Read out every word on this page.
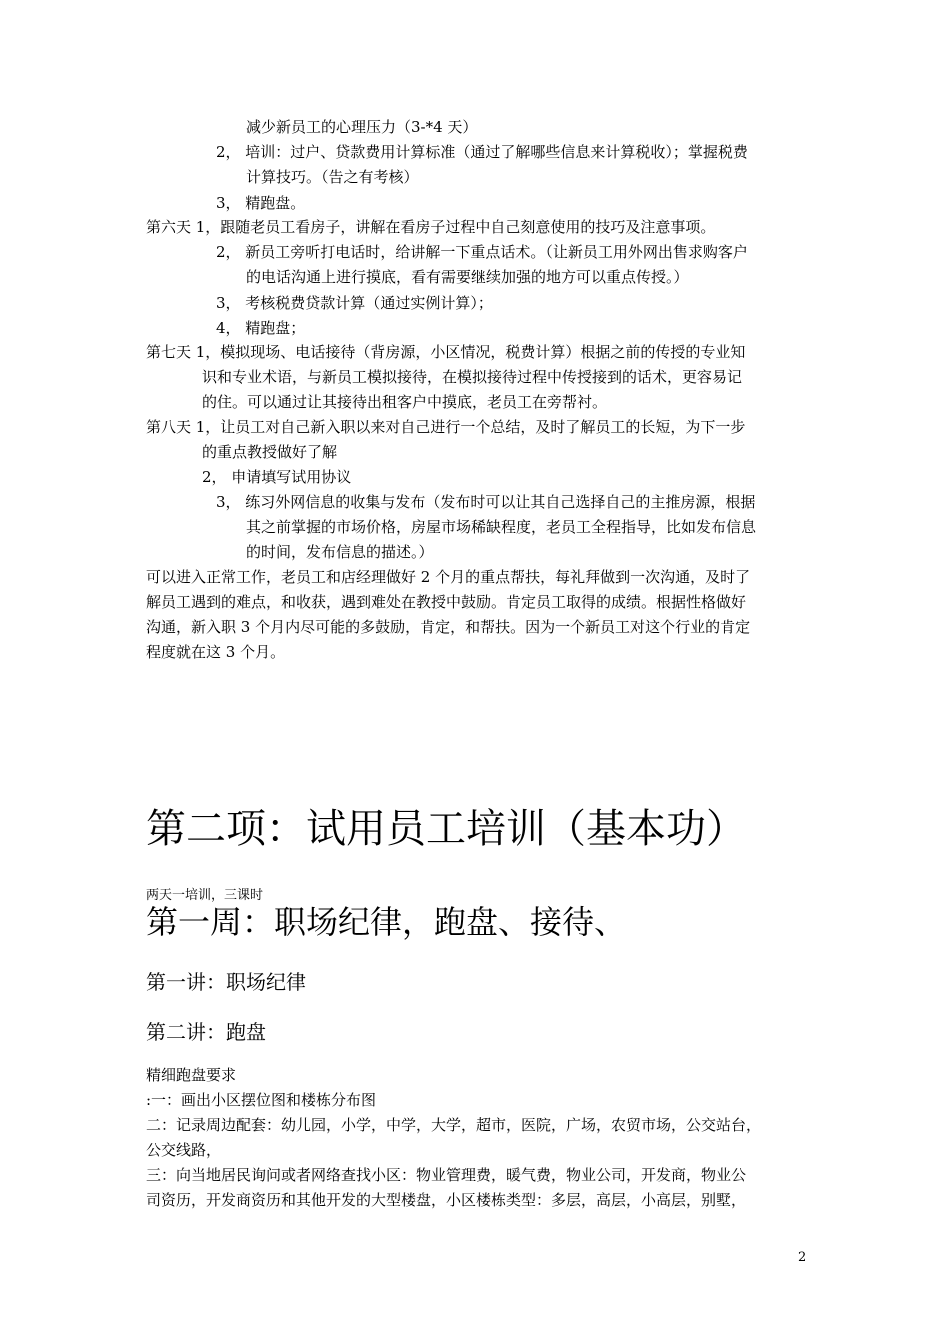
减少新员工的心理压力（3-*4 天）
2， 培训：过户、贷款费用计算标准（通过了解哪些信息来计算税收）；掌握税费
计算技巧。（告之有考核）
3， 精跑盘。
第六天 1，跟随老员工看房子，讲解在看房子过程中自己刻意使用的技巧及注意事项。
2， 新员工旁听打电话时，给讲解一下重点话术。（让新员工用外网出售求购客户
的电话沟通上进行摸底，看有需要继续加强的地方可以重点传授。）
3， 考核税费贷款计算（通过实例计算）；
4， 精跑盘；
第七天 1，模拟现场、电话接待（背房源，小区情况，税费计算）根据之前的传授的专业知
识和专业术语，与新员工模拟接待，在模拟接待过程中传授接到的话术，更容易记
的住。可以通过让其接待出租客户中摸底，老员工在旁帮衬。
第八天 1，让员工对自己新入职以来对自己进行一个总结，及时了解员工的长短，为下一步
的重点教授做好了解
2， 申请填写试用协议
3， 练习外网信息的收集与发布（发布时可以让其自己选择自己的主推房源，根据
其之前掌握的市场价格，房屋市场稀缺程度，老员工全程指导，比如发布信息
的时间，发布信息的描述。）
可以进入正常工作，老员工和店经理做好 2 个月的重点帮扶，每礼拜做到一次沟通，及时了
解员工遇到的难点，和收获，遇到难处在教授中鼓励。肯定员工取得的成绩。根据性格做好
沟通，新入职 3 个月内尽可能的多鼓励，肯定，和帮扶。因为一个新员工对这个行业的肯定
程度就在这 3 个月。
第二项：试用员工培训（基本功）
两天一培训，三课时
第一周：职场纪律，跑盘、接待、
第一讲：职场纪律
第二讲：跑盘
精细跑盘要求
:一：画出小区摆位图和楼栋分布图
二：记录周边配套：幼儿园，小学，中学，大学，超市，医院，广场，农贸市场，公交站台，
公交线路，
三：向当地居民询问或者网络查找小区：物业管理费，暖气费，物业公司，开发商，物业公
司资历，开发商资历和其他开发的大型楼盘，小区楼栋类型：多层，高层，小高层，别墅，
2
